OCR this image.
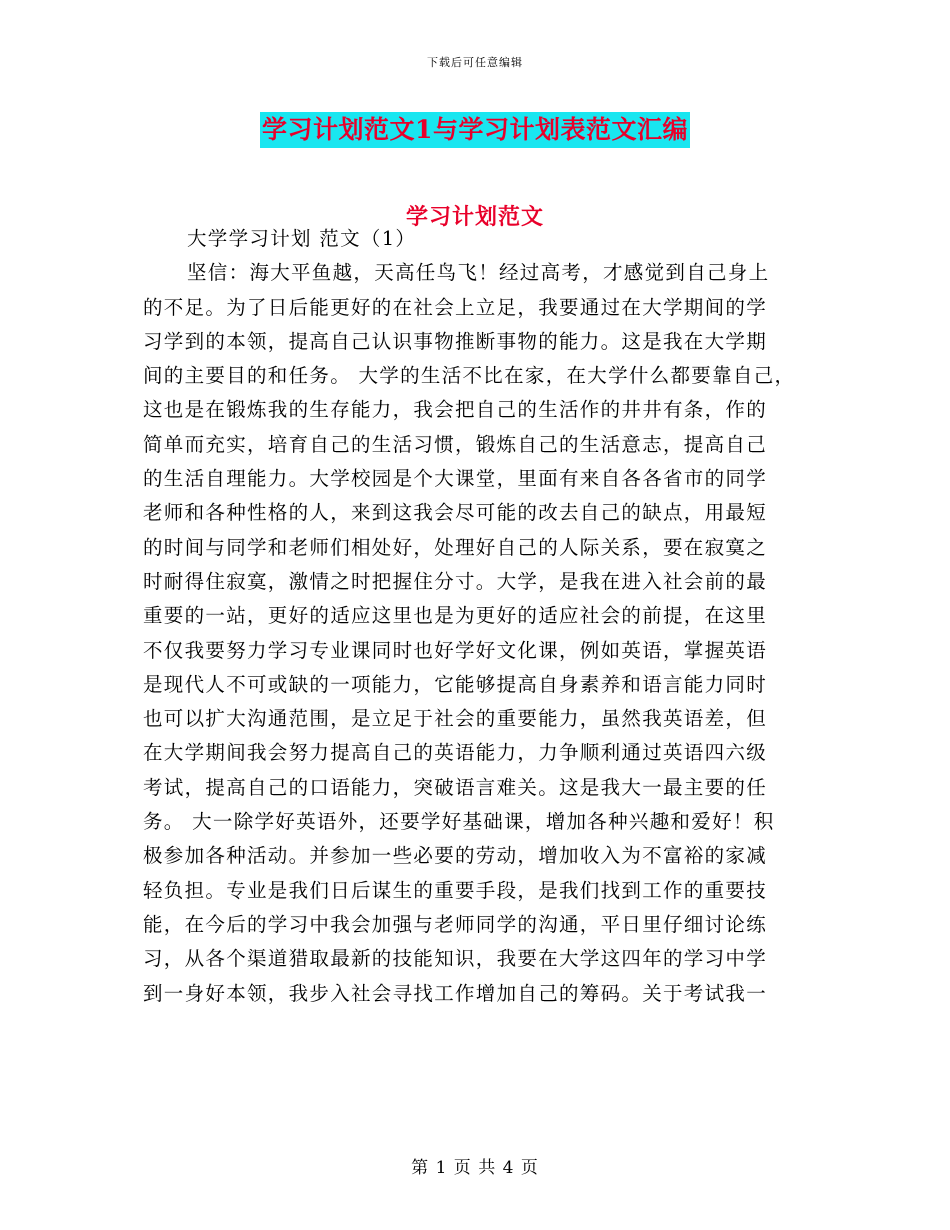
下载后可任意编辑
学习计划范文1与学习计划表范文汇编
学习计划范文
大学学习计划 范文（1）
坚信：海大平鱼越，天高任鸟飞！经过高考，才感觉到自己身上
的不足。为了日后能更好的在社会上立足，我要通过在大学期间的学
习学到的本领，提高自己认识事物推断事物的能力。这是我在大学期
间的主要目的和任务。 大学的生活不比在家，在大学什么都要靠自己，
这也是在锻炼我的生存能力，我会把自己的生活作的井井有条，作的
简单而充实，培育自己的生活习惯，锻炼自己的生活意志，提高自己
的生活自理能力。大学校园是个大课堂，里面有来自各各省市的同学
老师和各种性格的人，来到这我会尽可能的改去自己的缺点，用最短
的时间与同学和老师们相处好，处理好自己的人际关系，要在寂寞之
时耐得住寂寞，激情之时把握住分寸。大学，是我在进入社会前的最
重要的一站，更好的适应这里也是为更好的适应社会的前提，在这里
不仅我要努力学习专业课同时也好学好文化课，例如英语，掌握英语
是现代人不可或缺的一项能力，它能够提高自身素养和语言能力同时
也可以扩大沟通范围，是立足于社会的重要能力，虽然我英语差，但
在大学期间我会努力提高自己的英语能力，力争顺利通过英语四六级
考试，提高自己的口语能力，突破语言难关。这是我大一最主要的任
务。 大一除学好英语外，还要学好基础课，增加各种兴趣和爱好！积
极参加各种活动。并参加一些必要的劳动，增加收入为不富裕的家减
轻负担。专业是我们日后谋生的重要手段，是我们找到工作的重要技
能，在今后的学习中我会加强与老师同学的沟通，平日里仔细讨论练
习，从各个渠道猎取最新的技能知识，我要在大学这四年的学习中学
到一身好本领，我步入社会寻找工作增加自己的筹码。关于考试我一
第 1 页 共 4 页
